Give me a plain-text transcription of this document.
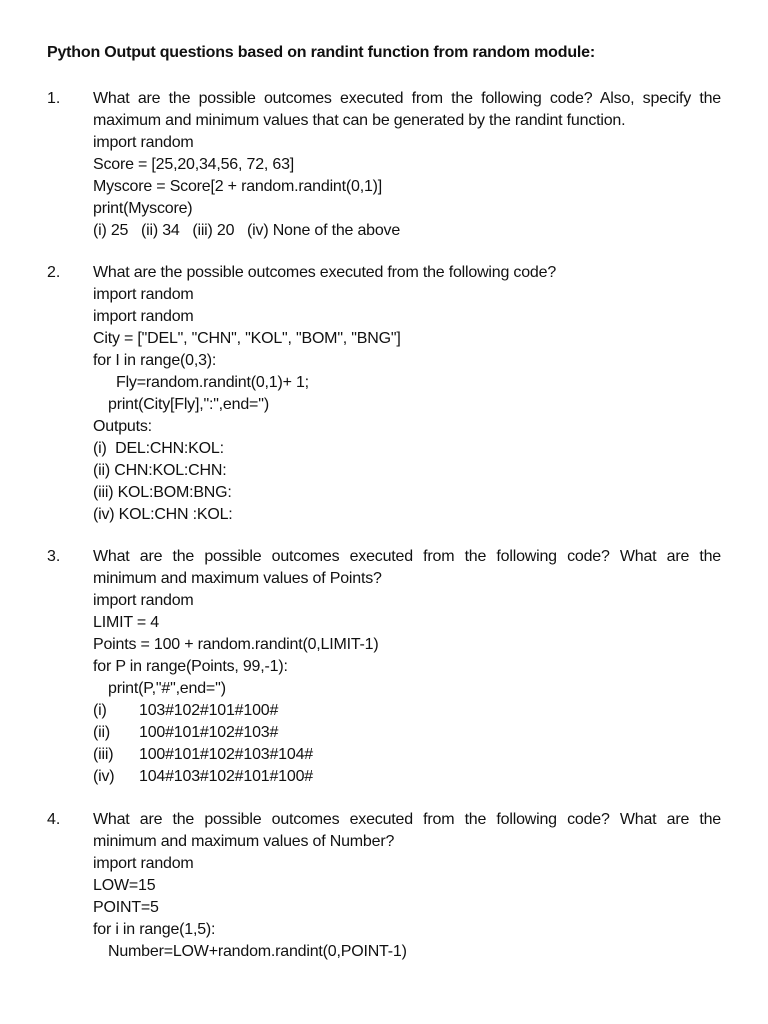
Python Output questions based on randint function from random module:
1. What are the possible outcomes executed from the following code? Also, specify the
maximum and minimum values that can be generated by the randint function.
import random
Score = [25,20,34,56, 72, 63]
Myscore = Score[2 + random.randint(0,1)]
print(Myscore)
(i) 25   (ii) 34   (iii) 20   (iv) None of the above
2. What are the possible outcomes executed from the following code?
import random
import random
City = ["DEL", "CHN", "KOL", "BOM", "BNG"]
for I in range(0,3):
Fly=random.randint(0,1)+ 1;
print(City[Fly],":",end='')
Outputs:
(i)  DEL:CHN:KOL:
(ii) CHN:KOL:CHN:
(iii) KOL:BOM:BNG:
(iv) KOL:CHN :KOL:
3. What are the possible outcomes executed from the following code? What are the
minimum and maximum values of Points?
import random
LIMIT = 4
Points = 100 + random.randint(0,LIMIT-1)
for P in range(Points, 99,-1):
print(P,"#",end='')
(i)	103#102#101#100#
(ii)	100#101#102#103#
(iii)	100#101#102#103#104#
(iv)	104#103#102#101#100#
4. What are the possible outcomes executed from the following code? What are the
minimum and maximum values of Number?
import random
LOW=15
POINT=5
for i in range(1,5):
Number=LOW+random.randint(0,POINT-1)
